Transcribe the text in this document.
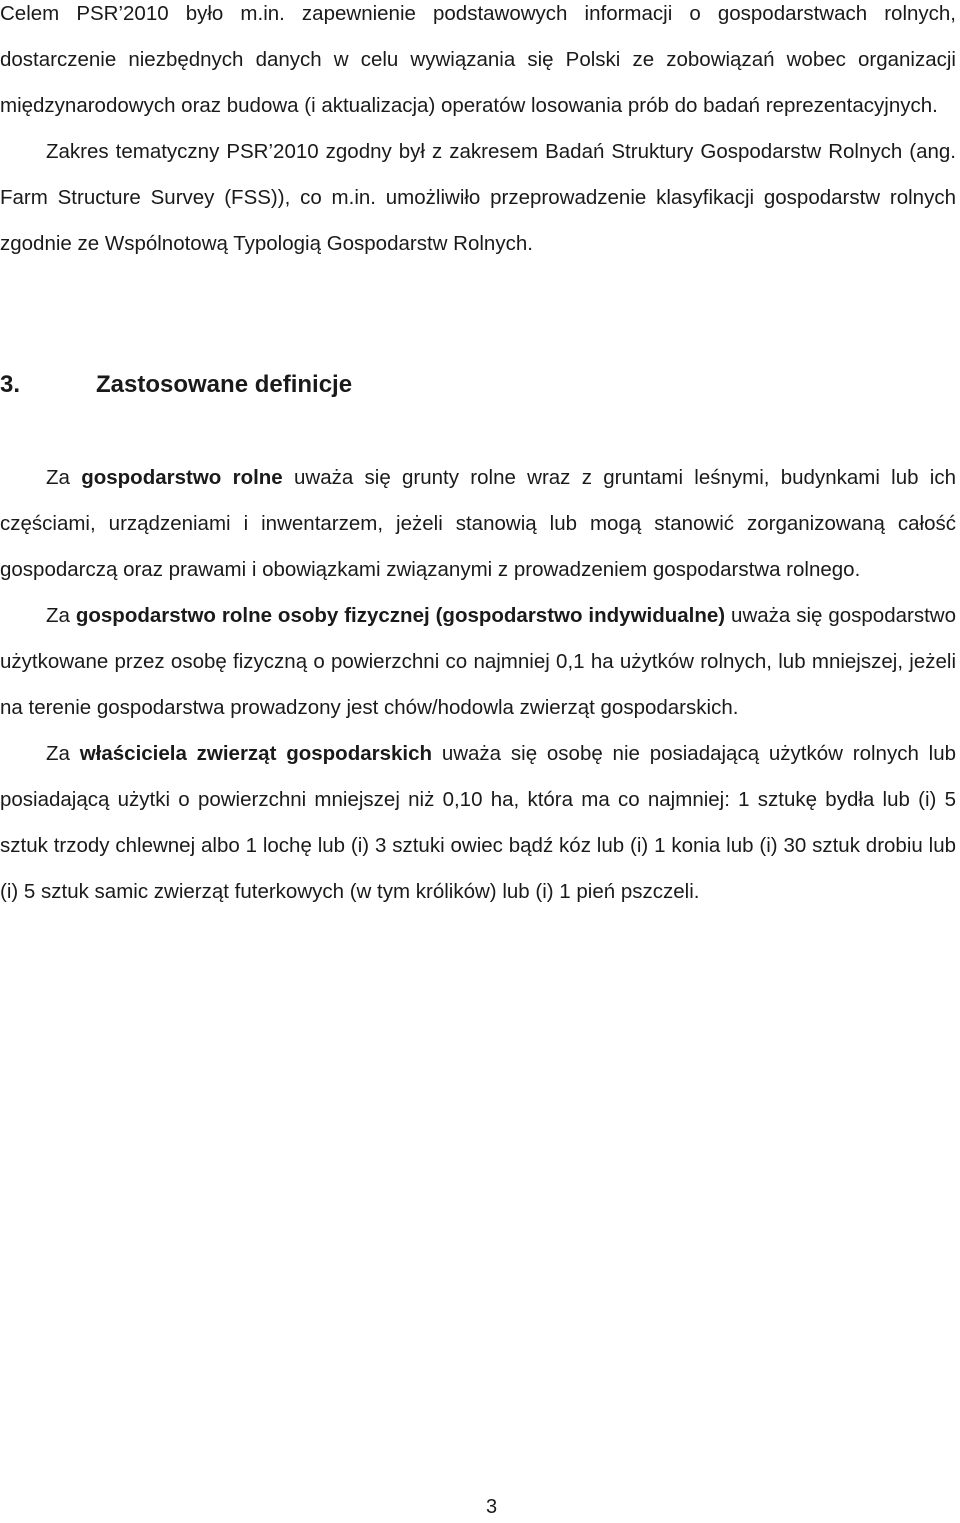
Celem PSR’2010 było m.in. zapewnienie podstawowych informacji o gospodarstwach rolnych, dostarczenie niezbędnych danych w celu wywiązania się Polski ze zobowiązań wobec organizacji międzynarodowych oraz budowa (i aktualizacja) operatów losowania prób do badań reprezentacyjnych.

Zakres tematyczny PSR’2010 zgodny był z zakresem Badań Struktury Gospodarstw Rolnych (ang. Farm Structure Survey (FSS)), co m.in. umożliwiło przeprowadzenie klasyfikacji gospodarstw rolnych zgodnie ze Wspólnotową Typologią Gospodarstw Rolnych.

3.	Zastosowane definicje

Za gospodarstwo rolne uważa się grunty rolne wraz z gruntami leśnymi, budynkami lub ich częściami, urządzeniami i inwentarzem, jeżeli stanowią lub mogą stanowić zorganizowaną całość gospodarczą oraz prawami i obowiązkami związanymi z prowadzeniem gospodarstwa rolnego.

Za gospodarstwo rolne osoby fizycznej (gospodarstwo indywidualne) uważa się gospodarstwo użytkowane przez osobę fizyczną o powierzchni co najmniej 0,1 ha użytków rolnych, lub mniejszej, jeżeli na terenie gospodarstwa prowadzony jest chów/hodowla zwierząt gospodarskich.

Za właściciela zwierząt gospodarskich uważa się osobę nie posiadającą użytków rolnych lub posiadającą użytki o powierzchni mniejszej niż 0,10 ha, która ma co najmniej: 1 sztukę bydła lub (i) 5 sztuk trzody chlewnej albo 1 lochę lub (i) 3 sztuki owiec bądź kóz lub (i) 1 konia lub (i) 30 sztuk drobiu lub (i) 5 sztuk samic zwierząt futerkowych (w tym królików) lub (i) 1 pień pszczeli.

3
